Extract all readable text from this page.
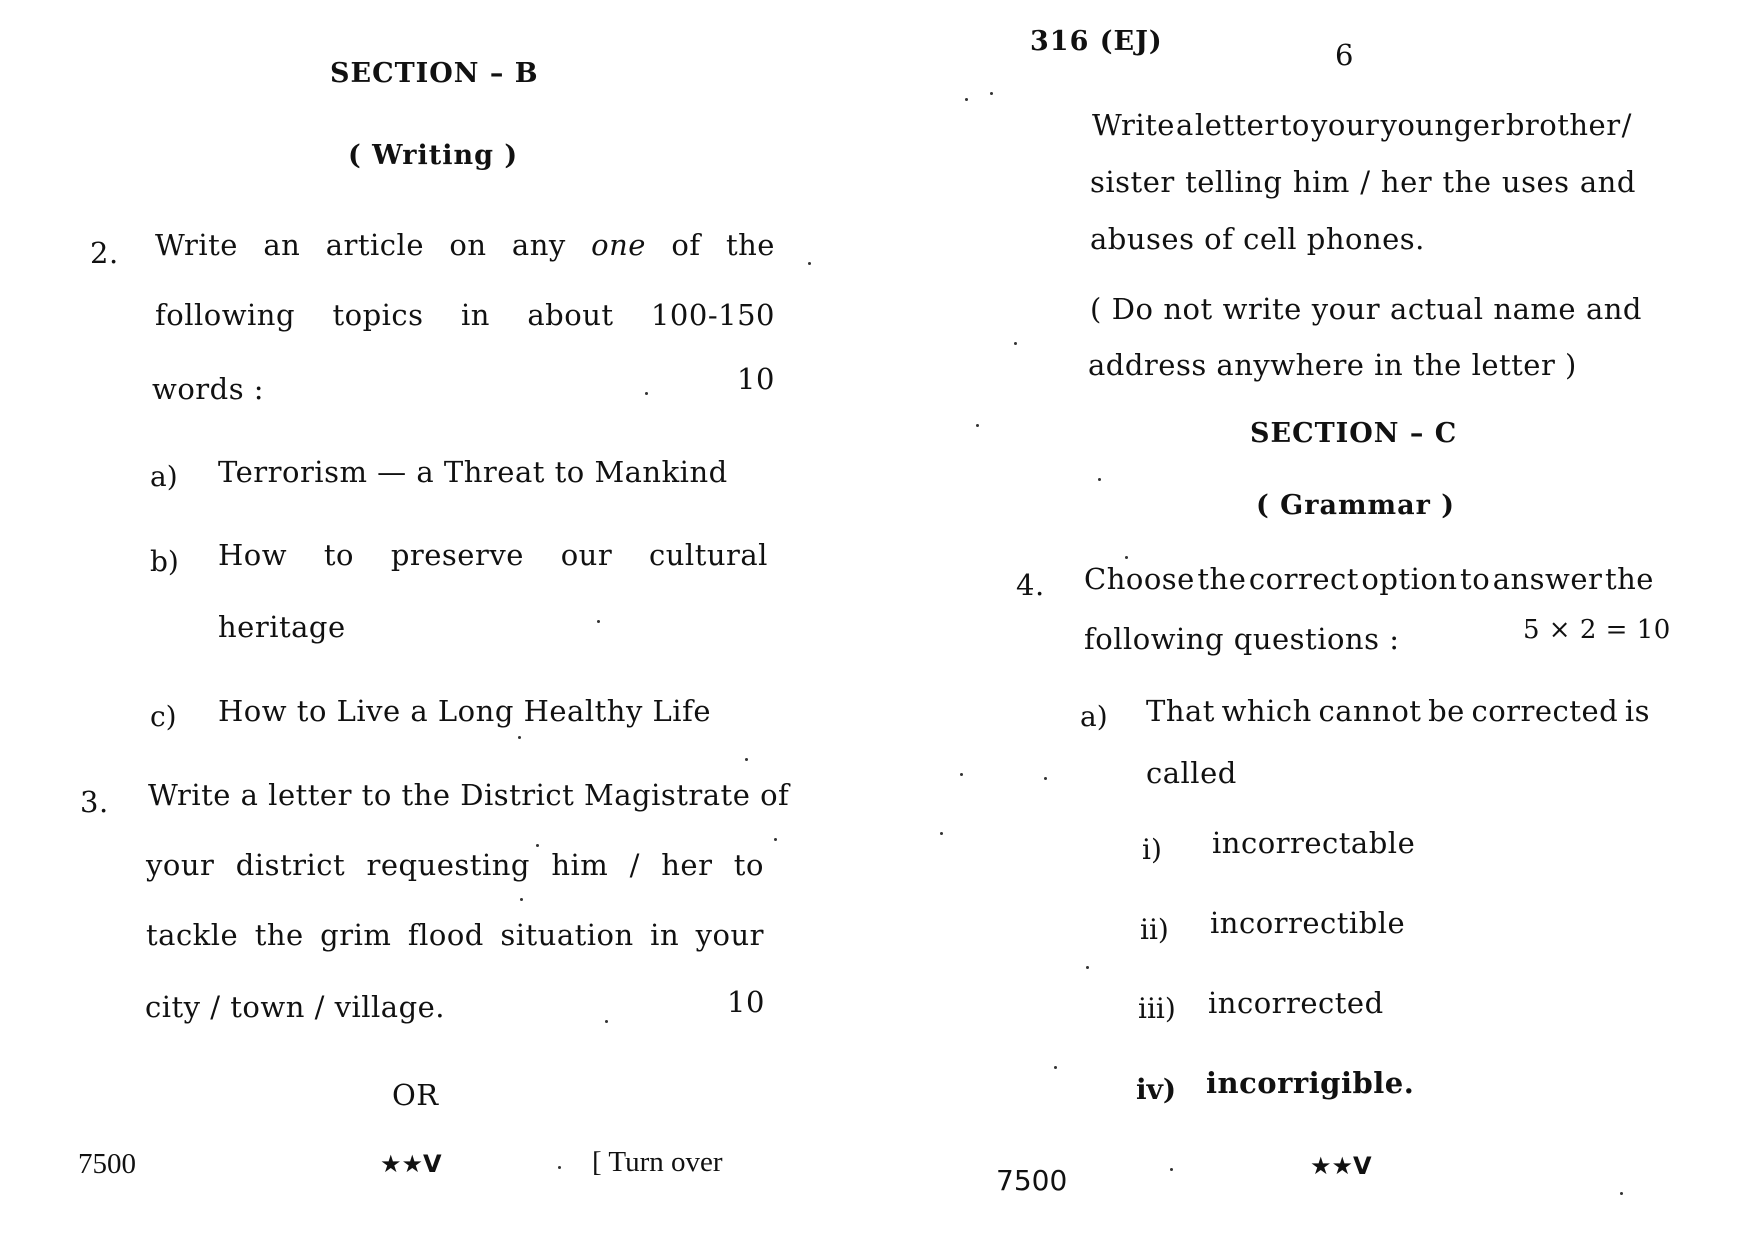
SECTION – B
( Writing )
2. Write an article on any one of the
following topics in about 100-150
words :	10
a) Terrorism — a Threat to Mankind
b) How to preserve our cultural
heritage
c) How to Live a Long Healthy Life
3. Write a letter to the District Magistrate of
your district requesting him / her to
tackle the grim flood situation in your
city / town / village.	10
OR
7500	★★V	[ Turn over
316 (EJ)	6
Write a letter to your younger brother /
sister telling him / her the uses and
abuses of cell phones.
( Do not write your actual name and
address anywhere in the letter )
SECTION – C
( Grammar )
4. Choose the correct option to answer the
following questions :	5 × 2 = 10
a) That which cannot be corrected is
called
i) incorrectable
ii) incorrectible
iii) incorrected
iv) incorrigible.
7500	★★V
